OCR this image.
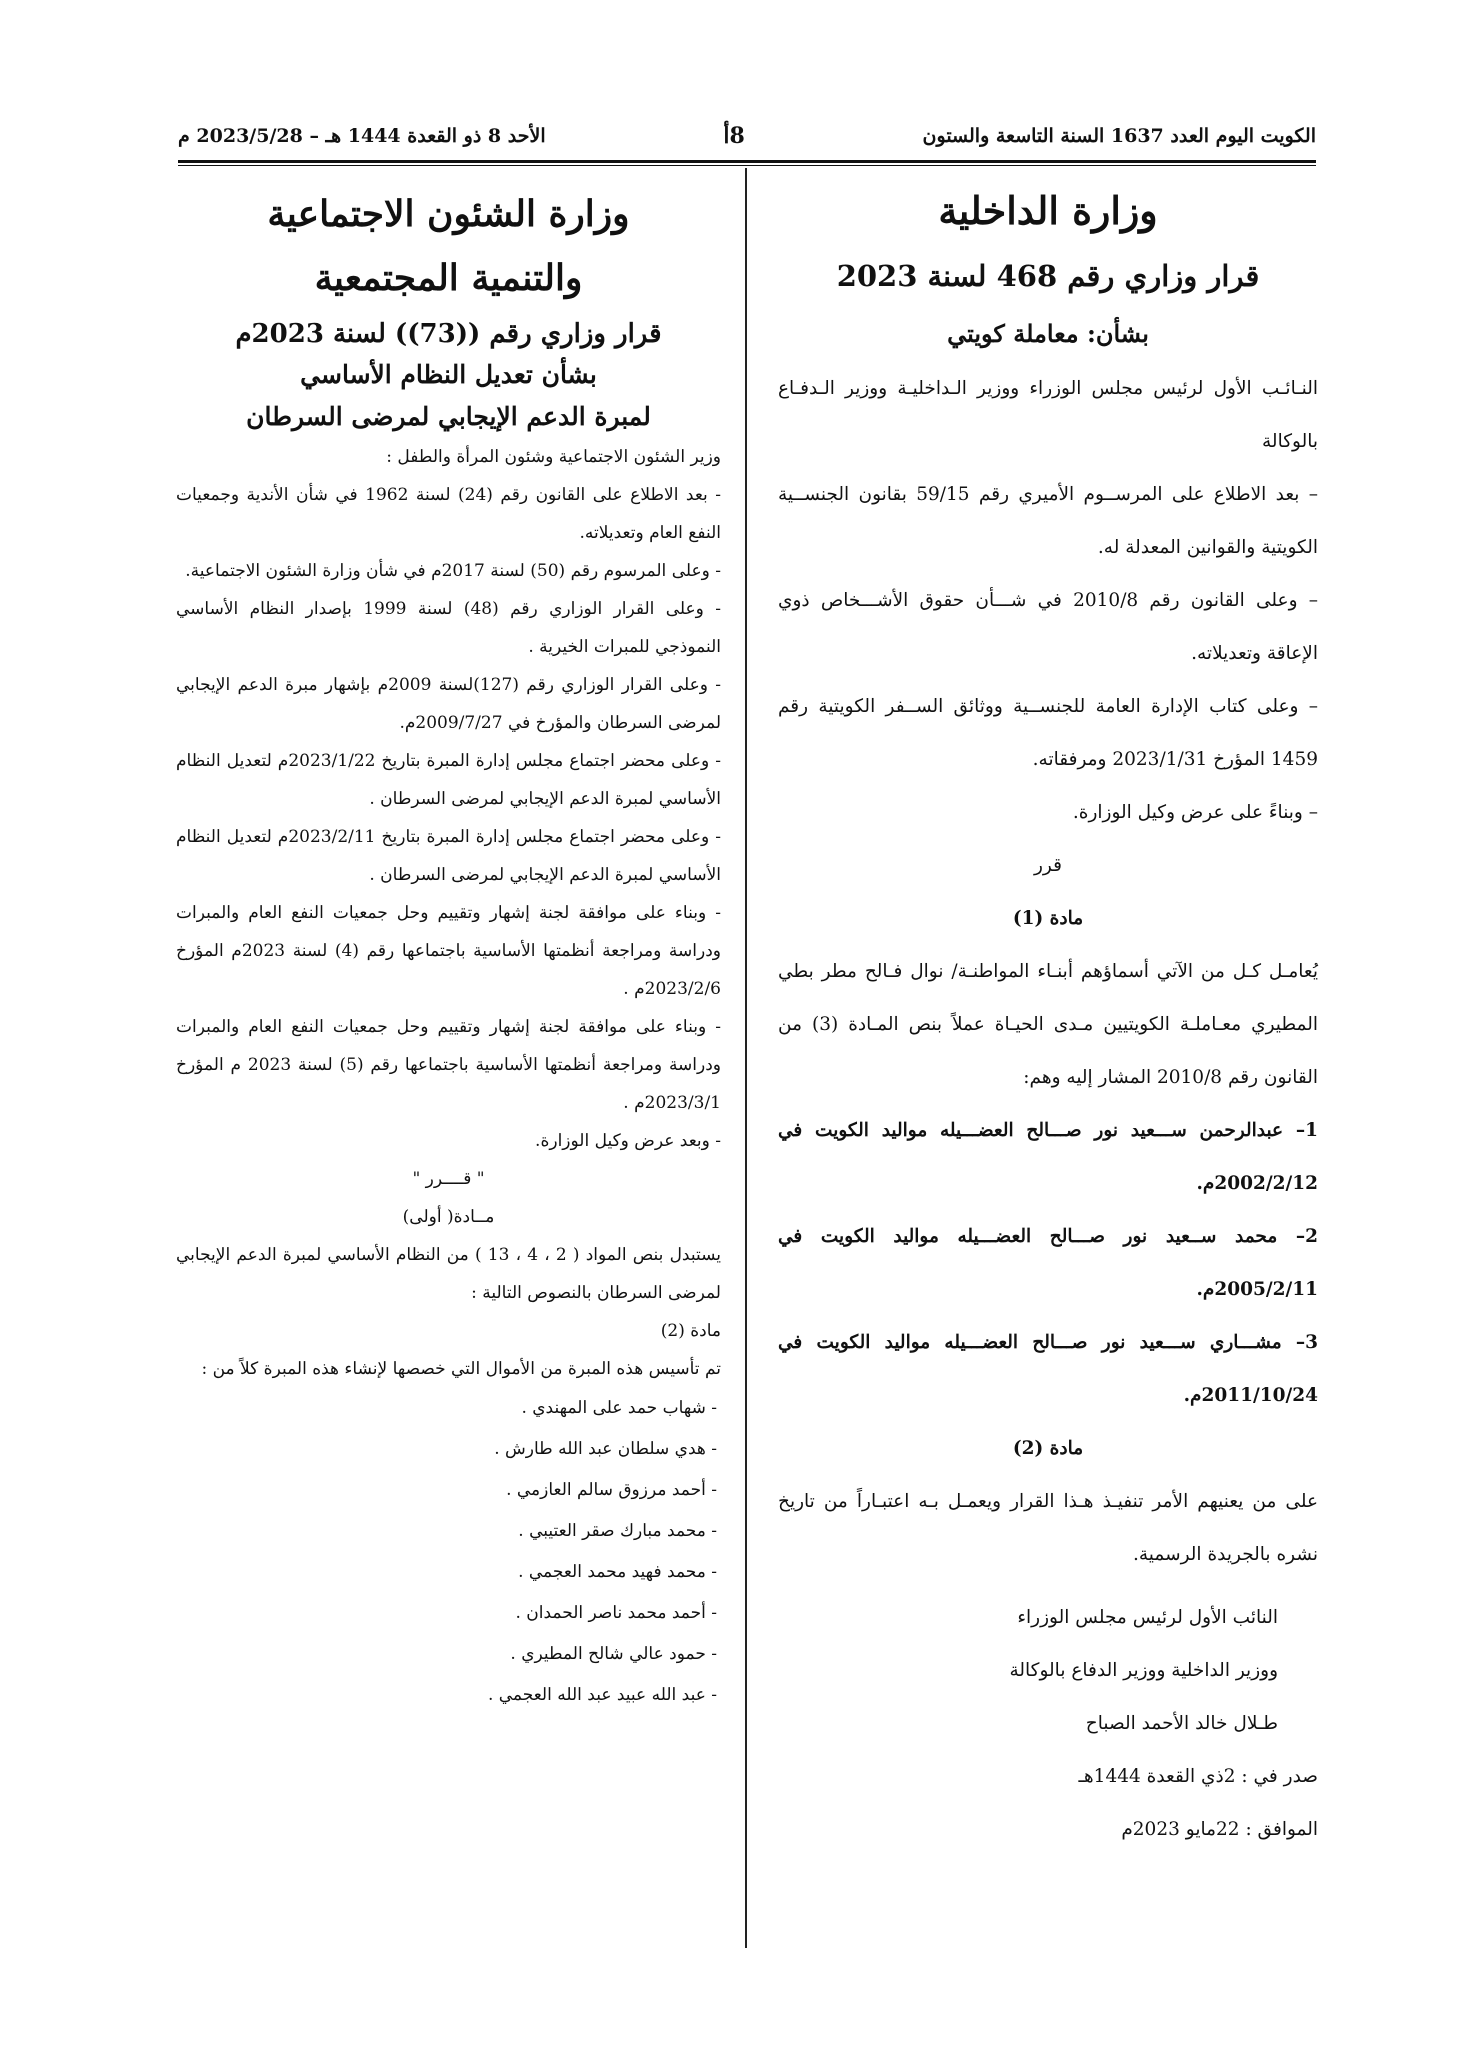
الكويت اليوم العدد 1637 السنة التاسعة والستون
8أ
الأحد 8 ذو القعدة 1444 هـ – 2023/5/28 م
وزارة الداخلية
قرار وزاري رقم 468 لسنة 2023
بشأن: معاملة كويتي

النـائـب الأول لرئيس مجلس الوزراء ووزير الـداخليـة ووزير الـدفـاع بالوكالة

– بعد الاطلاع على المرســوم الأميري رقم 59/15 بقانون الجنســية الكويتية والقوانين المعدلة له.

– وعلى القانون رقم 2010/8 في شـــأن حقوق الأشـــخاص ذوي الإعاقة وتعديلاته.

– وعلى كتاب الإدارة العامة للجنســية ووثائق الســفر الكويتية رقم 1459 المؤرخ 2023/1/31 ومرفقاته.

– وبناءً على عرض وكيل الوزارة.

قرر

مادة (1)

يُعامـل كـل من الآتي أسماؤهم أبنـاء المواطنـة/ نوال فـالح مطر بطي المطيري معـاملـة الكويتيين مـدى الحيـاة عملاً بنص المـادة (3) من القانون رقم 2010/8 المشار إليه وهم:

1– عبدالرحمن ســـعيد نور صـــالح العضـــيله مواليد الكويت في 2002/2/12م.

2– محمد ســعيد نور صـــالح العضـــيله مواليد الكويت في 2005/2/11م.

3– مشـــاري ســـعيد نور صـــالح العضـــيله مواليد الكويت في 2011/10/24م.

مادة (2)

على من يعنيهم الأمر تنفيـذ هـذا القرار ويعمـل بـه اعتبـاراً من تاريخ نشره بالجريدة الرسمية.

النائب الأول لرئيس مجلس الوزراء

ووزير الداخلية ووزير الدفاع بالوكالة

طـلال خالد الأحمد الصباح

صدر في : 2ذي القعدة 1444هـ

الموافق : 22مايو 2023م

وزارة الشئون الاجتماعية
والتنمية المجتمعية
قرار وزاري رقم ((73)) لسنة 2023م
بشأن تعديل النظام الأساسي
لمبرة الدعم الإيجابي لمرضى السرطان

وزير الشئون الاجتماعية وشئون المرأة والطفل :

- بعد الاطلاع على القانون رقم (24) لسنة 1962 في شأن الأندية وجمعيات النفع العام وتعديلاته.

- وعلى المرسوم رقم (50) لسنة 2017م في شأن وزارة الشئون الاجتماعية.

- وعلى القرار الوزاري رقم (48) لسنة 1999 بإصدار النظام الأساسي النموذجي للمبرات الخيرية .

- وعلى القرار الوزاري رقم (127)لسنة 2009م بإشهار مبرة الدعم الإيجابي لمرضى السرطان والمؤرخ في 2009/7/27م.

- وعلى محضر اجتماع مجلس إدارة المبرة بتاريخ 2023/1/22م لتعديل النظام الأساسي لمبرة الدعم الإيجابي لمرضى السرطان .

- وعلى محضر اجتماع مجلس إدارة المبرة بتاريخ 2023/2/11م لتعديل النظام الأساسي لمبرة الدعم الإيجابي لمرضى السرطان .

- وبناء على موافقة لجنة إشهار وتقييم وحل جمعيات النفع العام والمبرات ودراسة ومراجعة أنظمتها الأساسية باجتماعها رقم (4) لسنة 2023م المؤرخ 2023/2/6م .

- وبناء على موافقة لجنة إشهار وتقييم وحل جمعيات النفع العام والمبرات ودراسة ومراجعة أنظمتها الأساسية باجتماعها رقم (5) لسنة 2023 م المؤرخ 2023/3/1م .

- وبعد عرض وكيل الوزارة.

" قــــرر "

مــادة( أولى)

يستبدل بنص المواد ( 2 ، 4 ، 13 ) من النظام الأساسي لمبرة الدعم الإيجابي لمرضى السرطان بالنصوص التالية :

مادة (2)

تم تأسيس هذه المبرة من الأموال التي خصصها لإنشاء هذه المبرة كلاً من :

- شهاب حمد على المهندي .

- هدي سلطان عبد الله طارش .

- أحمد مرزوق سالم العازمي .

- محمد مبارك صقر العتيبي .

- محمد فهيد محمد العجمي .

- أحمد محمد ناصر الحمدان .

- حمود عالي شالح المطيري .

- عبد الله عبيد عبد الله العجمي .
